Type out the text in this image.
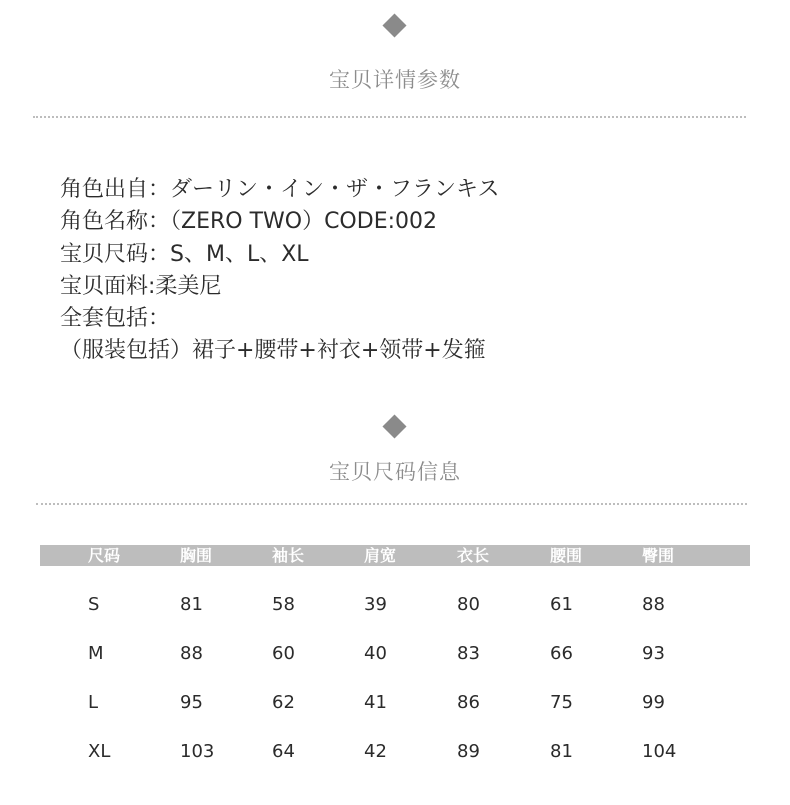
宝贝详情参数
角色出自：ダーリン・イン・ザ・フランキス
角色名称：（ZERO TWO）CODE:002
宝贝尺码：S、M、L、XL
宝贝面料:柔美尼
全套包括：
（服装包括）裙子+腰带+衬衣+领带+发箍
宝贝尺码信息
尺码	胸围	袖长	肩宽	衣长	腰围	臀围
S	81	58	39	80	61	88
M	88	60	40	83	66	93
L	95	62	41	86	75	99
XL	103	64	42	89	81	104
